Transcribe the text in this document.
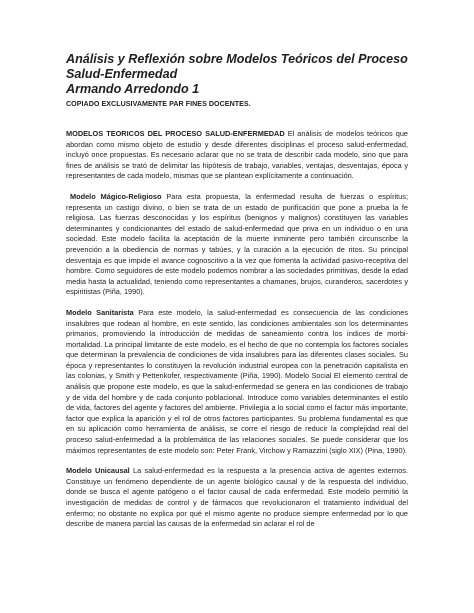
Análisis y Reflexión sobre Modelos Teóricos del Proceso Salud-Enfermedad
Armando Arredondo 1
COPIADO EXCLUSIVAMENTE PAR FINES DOCENTES.

MODELOS TEORICOS DEL PROCESO SALUD-ENFERMEDAD El análisis de modelos teóricos que abordan como mismo objeto de estudio y desde diferentes disciplinas el proceso salud-enfermedad, incluyó once propuestas. Es necesario aclarar que no se trata de describir cada modelo, sino que para fines de análisis se trató de delimitar las hipótesis de trabajo, variables, ventajas, desventajas, época y representantes de cada modelo, mismas que se plantean explícitamente a continuación.

Modelo Mágico-Religioso Para esta propuesta, la enfermedad resulta de fuerzas o espíritus; representa un castigo divino, o bien se trata de un estado de purificación que pone a prueba la fe religiosa. Las fuerzas desconocidas y los espíritus (benignos y malignos) constituyen las variables determinantes y condicionantes del estado de salud-enfermedad que priva en un individuo o en una sociedad. Este modelo facilita la aceptación de la muerte inminente pero también circunscribe la prevención a la obediencia de normas y tabúes, y la curación a la ejecución de ritos. Su principal desventaja es que impide el avance cognoscitivo a la vez que fomenta la actividad pasivo-receptiva del hombre. Como seguidores de este modelo podemos nombrar a las sociedades primitivas, desde la edad media hasta la actualidad, teniendo como representantes a chamanes, brujos, curanderos, sacerdotes y espiritistas (Piña, 1990).

Modelo Sanitarista Para este modelo, la salud-enfermedad es consecuencia de las condiciones insalubres que rodean al hombre, en este sentido, las condiciones ambientales son los determinantes primarios, promoviendo la introducción de medidas de saneamiento contra los índices de morbi- mortalidad. La principal limitante de este modelo, es el hecho de que no contempla los factores sociales que determinan la prevalencia de condiciones de vida insalubres para las diferentes clases sociales. Su época y representantes lo constituyen la revolución industrial europea con la penetración capitalista en las colonias, y Smith y Pettenkofer, respectivamente (Piña, 1990). Modelo Social El elemento central de análisis que propone este modelo, es que la salud-enfermedad se genera en las condiciones de trabajo y de vida del hombre y de cada conjunto poblacional. Introduce como variables determinantes el estilo de vida, factores del agente y factores del ambiente. Privilegia a lo social como el factor más importante, factor que explica la aparición y el rol de otros factores participantes. Su problema fundamental es que en su aplicación como herramienta de análisis, se corre el riesgo de reducir la complejidad real del proceso salud-enfermedad a la problemática de las relaciones sociales. Se puede considerar que los máximos representantes de este modelo son: Peter Frank, Virchow y Ramazzini (siglo XIX) (Pina, 1990).

Modelo Unicausal La salud-enfermedad es la respuesta a la presencia activa de agentes externos. Constituye un fenómeno dependiente de un agente biológico causal y de la respuesta del individuo, donde se busca el agente patógeno o el factor causal de cada enfermedad. Este modelo permitió la investigación de medidas de control y de fármacos que revolucionaron el tratamiento individual del enfermo; no obstante no explica por qué el mismo agente no produce siempre enfermedad por lo que describe de manera parcial las causas de la enfermedad sin aclarar el rol de
